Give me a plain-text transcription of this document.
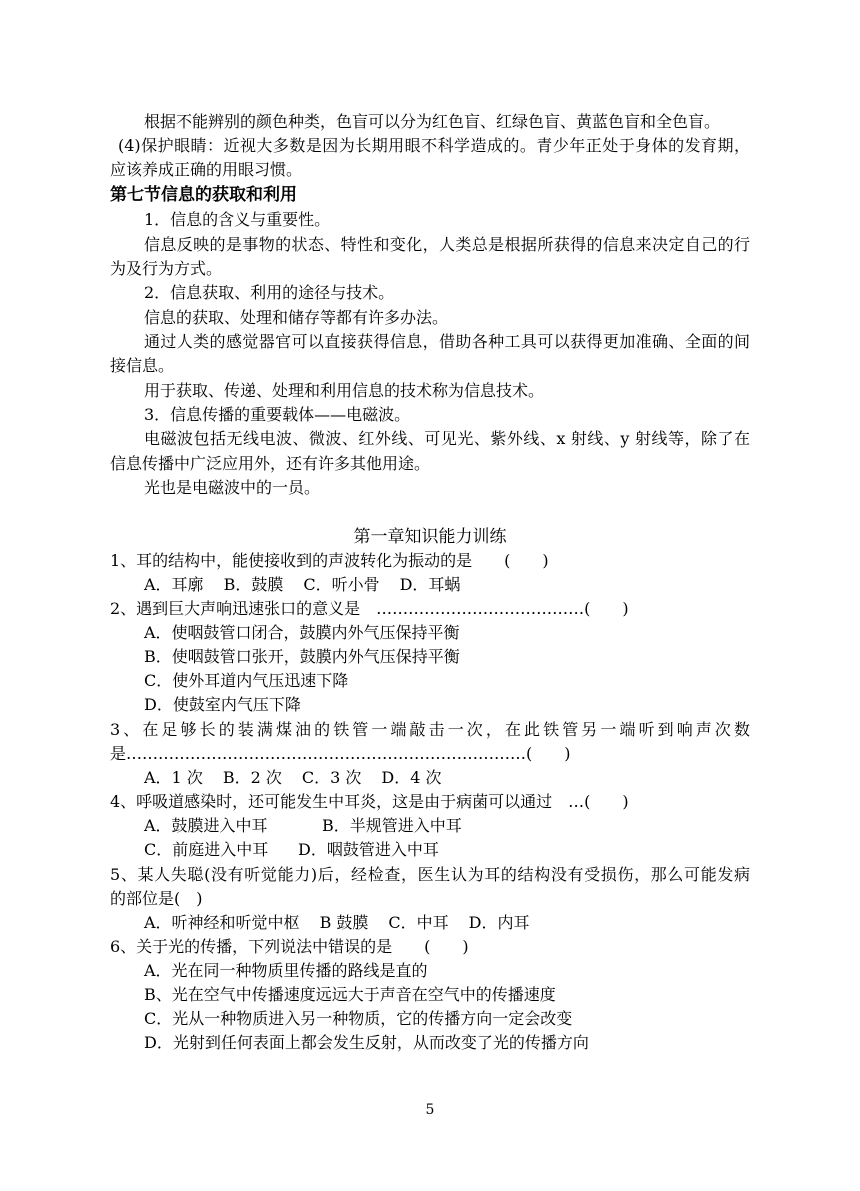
根据不能辨别的颜色种类，色盲可以分为红色盲、红绿色盲、黄蓝色盲和全色盲。
(4)保护眼睛：近视大多数是因为长期用眼不科学造成的。青少年正处于身体的发育期，
应该养成正确的用眼习惯。
第七节信息的获取和利用
1．信息的含义与重要性。
信息反映的是事物的状态、特性和变化，人类总是根据所获得的信息来决定自己的行
为及行为方式。
2．信息获取、利用的途径与技术。
信息的获取、处理和储存等都有许多办法。
通过人类的感觉器官可以直接获得信息，借助各种工具可以获得更加准确、全面的间
接信息。
用于获取、传递、处理和利用信息的技术称为信息技术。
3．信息传播的重要载体——电磁波。
电磁波包括无线电波、微波、红外线、可见光、紫外线、x 射线、y 射线等，除了在
信息传播中广泛应用外，还有许多其他用途。
光也是电磁波中的一员。
第一章知识能力训练
1、耳的结构中，能使接收到的声波转化为振动的是　　(　　)
A．耳廓 B．鼓膜 C．听小骨 D．耳蜗
2、遇到巨大声响迅速张口的意义是　…………………………………(　　)
A．使咽鼓管口闭合，鼓膜内外气压保持平衡
B．使咽鼓管口张开，鼓膜内外气压保持平衡
C．使外耳道内气压迅速下降
D．使鼓室内气压下降
3、在足够长的装满煤油的铁管一端敲击一次，在此铁管另一端听到响声次数
是…………………………………………………………………(　　)
A．1 次 B．2 次 C．3 次 D．4 次
4、呼吸道感染时，还可能发生中耳炎，这是由于病菌可以通过　…(　　)
A．鼓膜进入中耳	B．半规管进入中耳
C．前庭进入中耳 D．咽鼓管进入中耳
5、某人失聪(没有听觉能力)后，经检查，医生认为耳的结构没有受损伤，那么可能发病
的部位是(　)
A．听神经和听觉中枢 B 鼓膜 C．中耳 D．内耳
6、关于光的传播，下列说法中错误的是　　(　　)
A．光在同一种物质里传播的路线是直的
B、光在空气中传播速度远远大于声音在空气中的传播速度
C．光从一种物质进入另一种物质，它的传播方向一定会改变
D．光射到任何表面上都会发生反射，从而改变了光的传播方向
5
